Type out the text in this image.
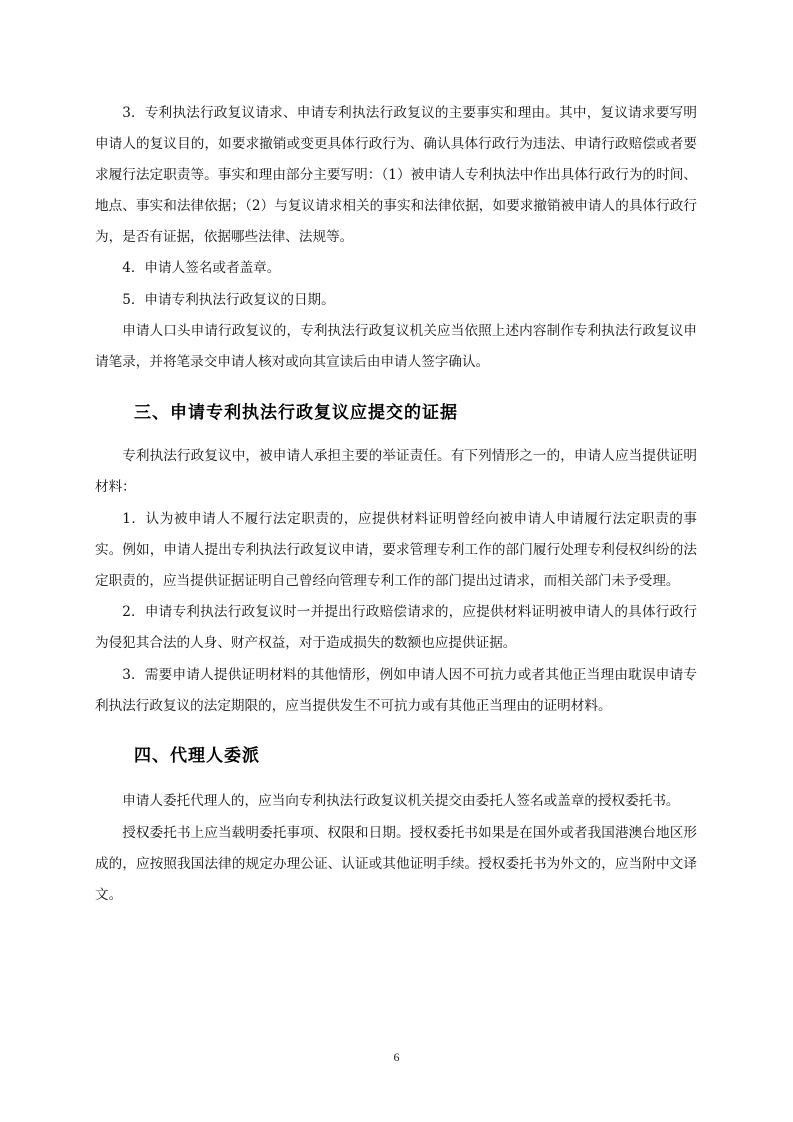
3．专利执法行政复议请求、申请专利执法行政复议的主要事实和理由。其中，复议请求要写明申请人的复议目的，如要求撤销或变更具体行政行为、确认具体行政行为违法、申请行政赔偿或者要求履行法定职责等。事实和理由部分主要写明：（1）被申请人专利执法中作出具体行政行为的时间、地点、事实和法律依据；（2）与复议请求相关的事实和法律依据，如要求撤销被申请人的具体行政行为，是否有证据，依据哪些法律、法规等。

4．申请人签名或者盖章。

5．申请专利执法行政复议的日期。

申请人口头申请行政复议的，专利执法行政复议机关应当依照上述内容制作专利执法行政复议申请笔录，并将笔录交申请人核对或向其宣读后由申请人签字确认。

三、申请专利执法行政复议应提交的证据

专利执法行政复议中，被申请人承担主要的举证责任。有下列情形之一的，申请人应当提供证明材料：

1．认为被申请人不履行法定职责的，应提供材料证明曾经向被申请人申请履行法定职责的事实。例如，申请人提出专利执法行政复议申请，要求管理专利工作的部门履行处理专利侵权纠纷的法定职责的，应当提供证据证明自己曾经向管理专利工作的部门提出过请求，而相关部门未予受理。

2．申请专利执法行政复议时一并提出行政赔偿请求的，应提供材料证明被申请人的具体行政行为侵犯其合法的人身、财产权益，对于造成损失的数额也应提供证据。

3．需要申请人提供证明材料的其他情形，例如申请人因不可抗力或者其他正当理由耽误申请专利执法行政复议的法定期限的，应当提供发生不可抗力或有其他正当理由的证明材料。

四、代理人委派

申请人委托代理人的，应当向专利执法行政复议机关提交由委托人签名或盖章的授权委托书。

授权委托书上应当载明委托事项、权限和日期。授权委托书如果是在国外或者我国港澳台地区形成的，应按照我国法律的规定办理公证、认证或其他证明手续。授权委托书为外文的，应当附中文译文。

6
